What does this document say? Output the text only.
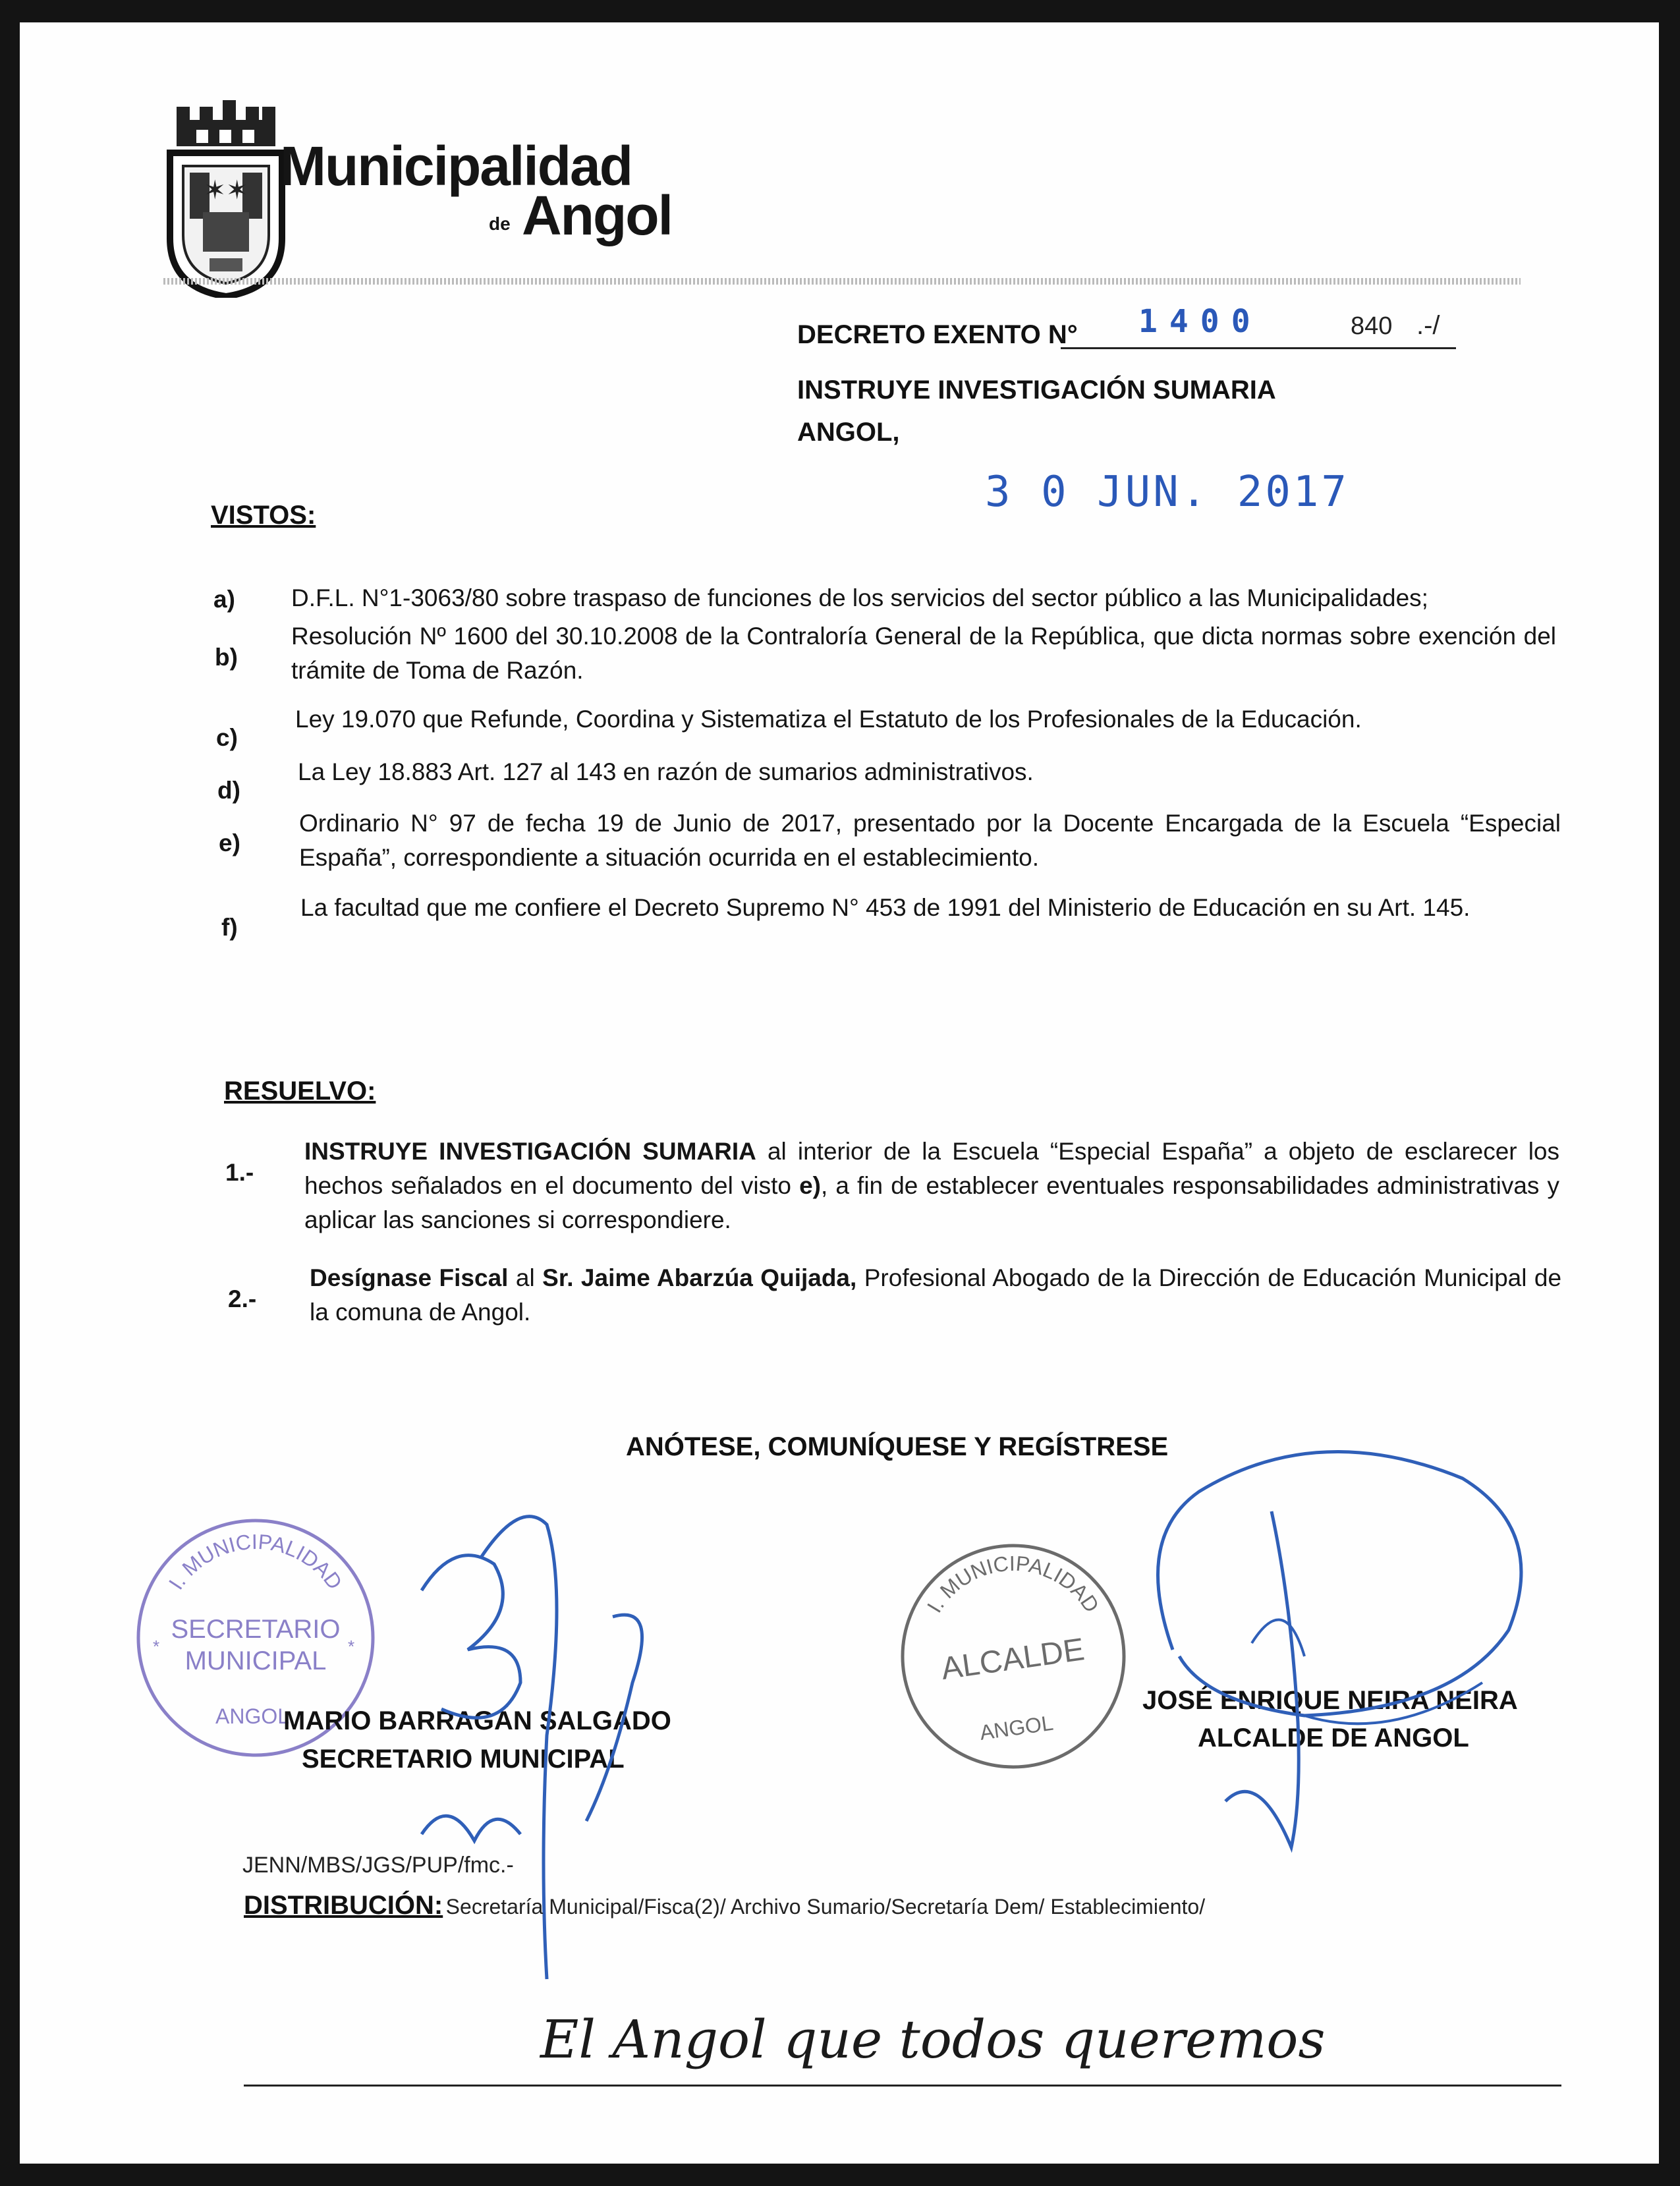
✶✶ Municipalidad
de Angol
DECRETO EXENTO N° 1400	840 .-/
INSTRUYE INVESTIGACIÓN SUMARIA
ANGOL,
3 0 JUN. 2017
VISTOS:
a) D.F.L. N°1-3063/80 sobre traspaso de funciones de los servicios del sector público a las Municipalidades;
b)
Resolución Nº 1600 del 30.10.2008 de la Contraloría General de la República, que dicta normas sobre exención del trámite de Toma de Razón.
c)
Ley 19.070 que Refunde, Coordina y Sistematiza el Estatuto de los Profesionales de la Educación.
d)
La Ley 18.883 Art. 127 al 143 en razón de sumarios administrativos.
e)
Ordinario N° 97 de fecha 19 de Junio de 2017, presentado por la Docente Encargada de la Escuela “Especial España”, correspondiente a situación ocurrida en el establecimiento.
f)
La facultad que me confiere el Decreto Supremo N° 453 de 1991 del Ministerio de Educación en su Art. 145.
RESUELVO:
1.-
INSTRUYE INVESTIGACIÓN SUMARIA al interior de la Escuela “Especial España” a objeto de esclarecer los hechos señalados en el documento del visto e), a fin de establecer eventuales responsabilidades administrativas y aplicar las sanciones si correspondiere.
2.-
Desígnase Fiscal al Sr. Jaime Abarzúa Quijada, Profesional Abogado de la Dirección de Educación Municipal de la comuna de Angol.
ANÓTESE, COMUNÍQUESE Y REGÍSTRESE
I. MUNICIPALIDAD
SECRETARIO
MUNICIPAL
ANGOL
*	*
I. MUNICIPALIDAD
ALCALDE
ANGOL
MARIO BARRAGÁN SALGADO
SECRETARIO MUNICIPAL
JOSÉ ENRIQUE NEIRA NEIRA
ALCALDE DE ANGOL
JENN/MBS/JGS/PUP/fmc.-
DISTRIBUCIÓN: Secretaría Municipal/Fisca(2)/ Archivo Sumario/Secretaría Dem/ Establecimiento/
El Angol que todos queremos
